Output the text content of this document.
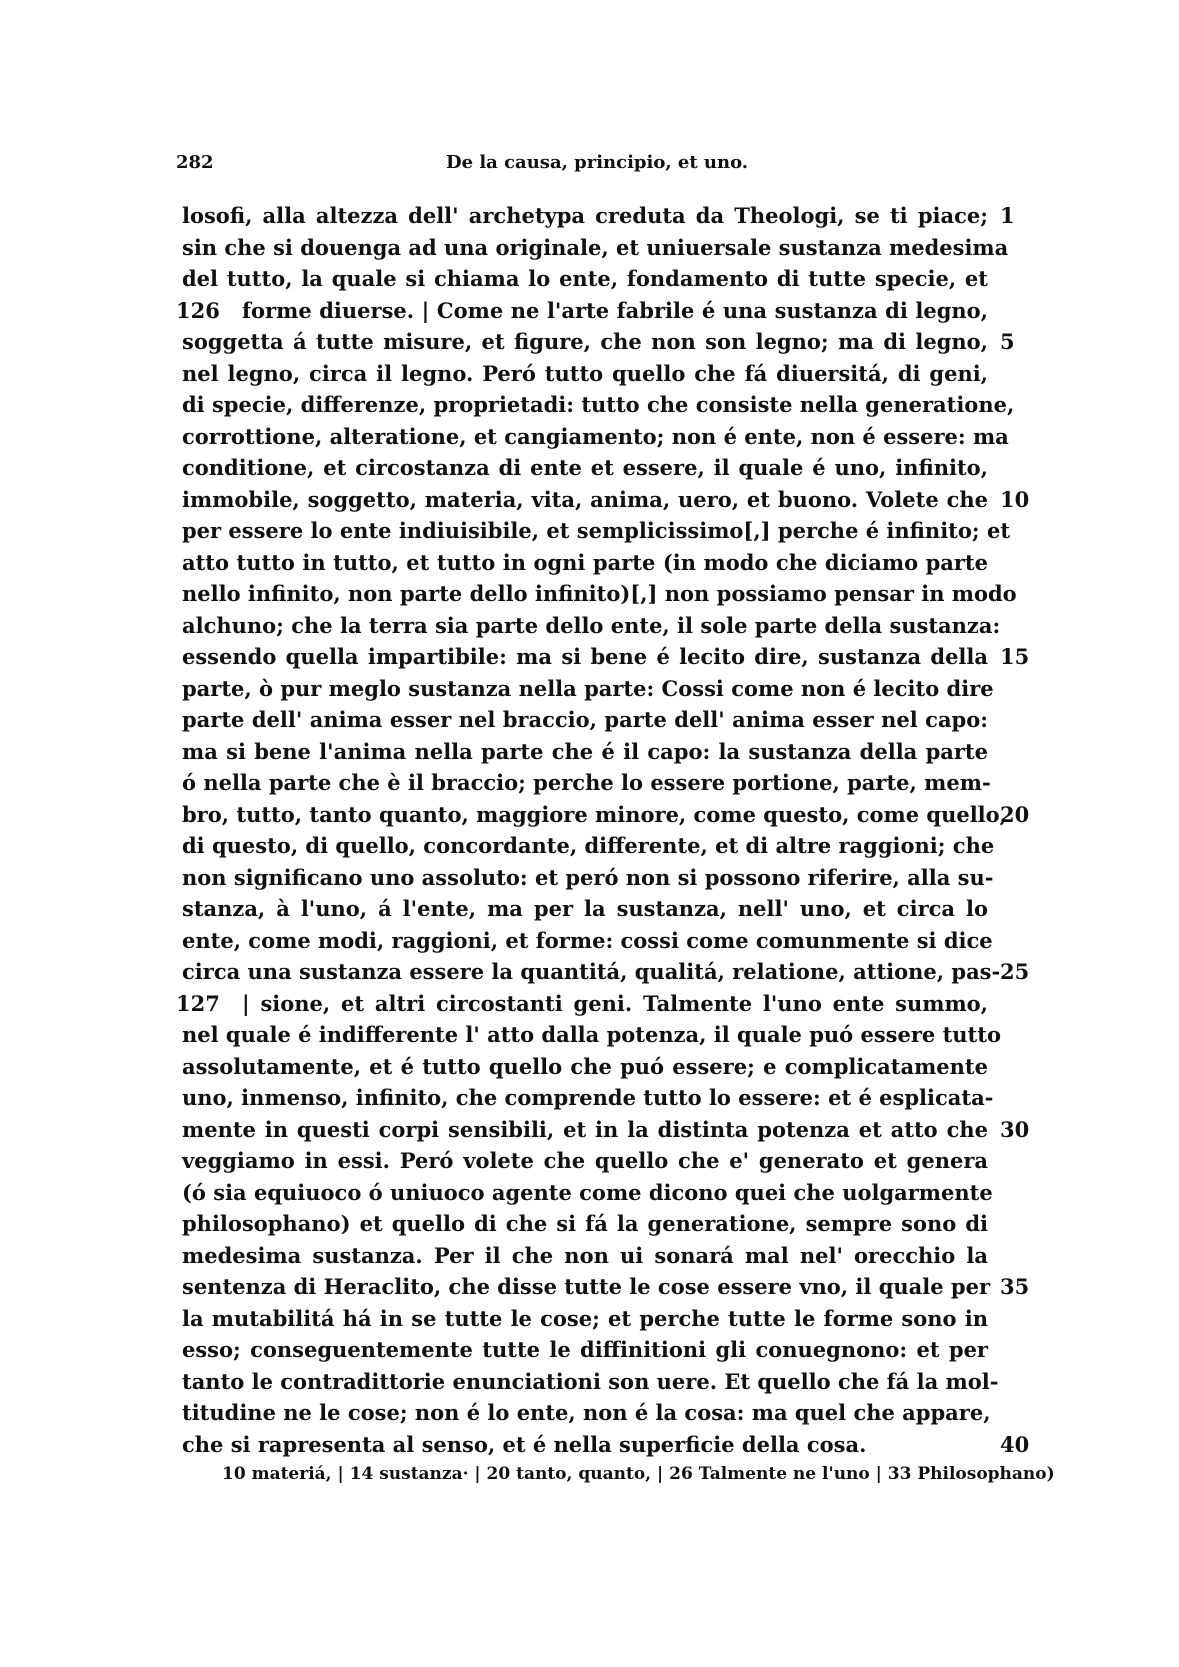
282	De la causa, principio, et uno.
losofi, alla altezza dell' archetypa creduta da Theologi, se ti piace; 1
sin che si douenga ad una originale, et uniuersale sustanza medesima
del tutto, la quale si chiama lo ente, fondamento di tutte specie, et
126	forme diuerse. | Come ne l'arte fabrile é una sustanza di legno,
soggetta á tutte misure, et figure, che non son legno; ma di legno, 5
nel legno, circa il legno. Peró tutto quello che fá diuersitá, di geni,
di specie, differenze, proprietadi: tutto che consiste nella generatione,
corrottione, alteratione, et cangiamento; non é ente, non é essere: ma
conditione, et circostanza di ente et essere, il quale é uno, infinito,
immobile, soggetto, materia, vita, anima, uero, et buono. Volete che 10
per essere lo ente indiuisibile, et semplicissimo[,] perche é infinito; et
atto tutto in tutto, et tutto in ogni parte (in modo che diciamo parte
nello infinito, non parte dello infinito)[,] non possiamo pensar in modo
alchuno; che la terra sia parte dello ente, il sole parte della sustanza:
essendo quella impartibile: ma si bene é lecito dire, sustanza della 15
parte, ò pur meglo sustanza nella parte: Cossi come non é lecito dire
parte dell' anima esser nel braccio, parte dell' anima esser nel capo:
ma si bene l'anima nella parte che é il capo: la sustanza della parte
ó nella parte che è il braccio; perche lo essere portione, parte, mem-
bro, tutto, tanto quanto, maggiore minore, come questo, come quello,
20
di questo, di quello, concordante, differente, et di altre raggioni; che
non significano uno assoluto: et peró non si possono riferire, alla su-
stanza, à l'uno, á l'ente, ma per la sustanza, nell' uno, et circa lo
ente, come modi, raggioni, et forme: cossi come comunmente si dice
circa una sustanza essere la quantitá, qualitá, relatione, attione, pas- 25
127	| sione, et altri circostanti geni. Talmente l'uno ente summo,
nel quale é indifferente l' atto dalla potenza, il quale puó essere tutto
assolutamente, et é tutto quello che puó essere; e complicatamente
uno, inmenso, infinito, che comprende tutto lo essere: et é esplicata-
mente in questi corpi sensibili, et in la distinta potenza et atto che 30
veggiamo in essi. Peró volete che quello che e' generato et genera
(ó sia equiuoco ó uniuoco agente come dicono quei che uolgarmente
philosophano) et quello di che si fá la generatione, sempre sono di
medesima sustanza. Per il che non ui sonará mal nel' orecchio la
sentenza di Heraclito, che disse tutte le cose essere vno, il quale per 35
la mutabilitá há in se tutte le cose; et perche tutte le forme sono in
esso; conseguentemente tutte le diffinitioni gli conuegnono: et per
tanto le contradittorie enunciationi son uere. Et quello che fá la mol-
titudine ne le cose; non é lo ente, non é la cosa: ma quel che appare,
che si rapresenta al senso, et é nella superficie della cosa.	40
10 materiá, | 14 sustanza· | 20 tanto, quanto, | 26 Talmente ne l'uno | 33 Philosophano)
